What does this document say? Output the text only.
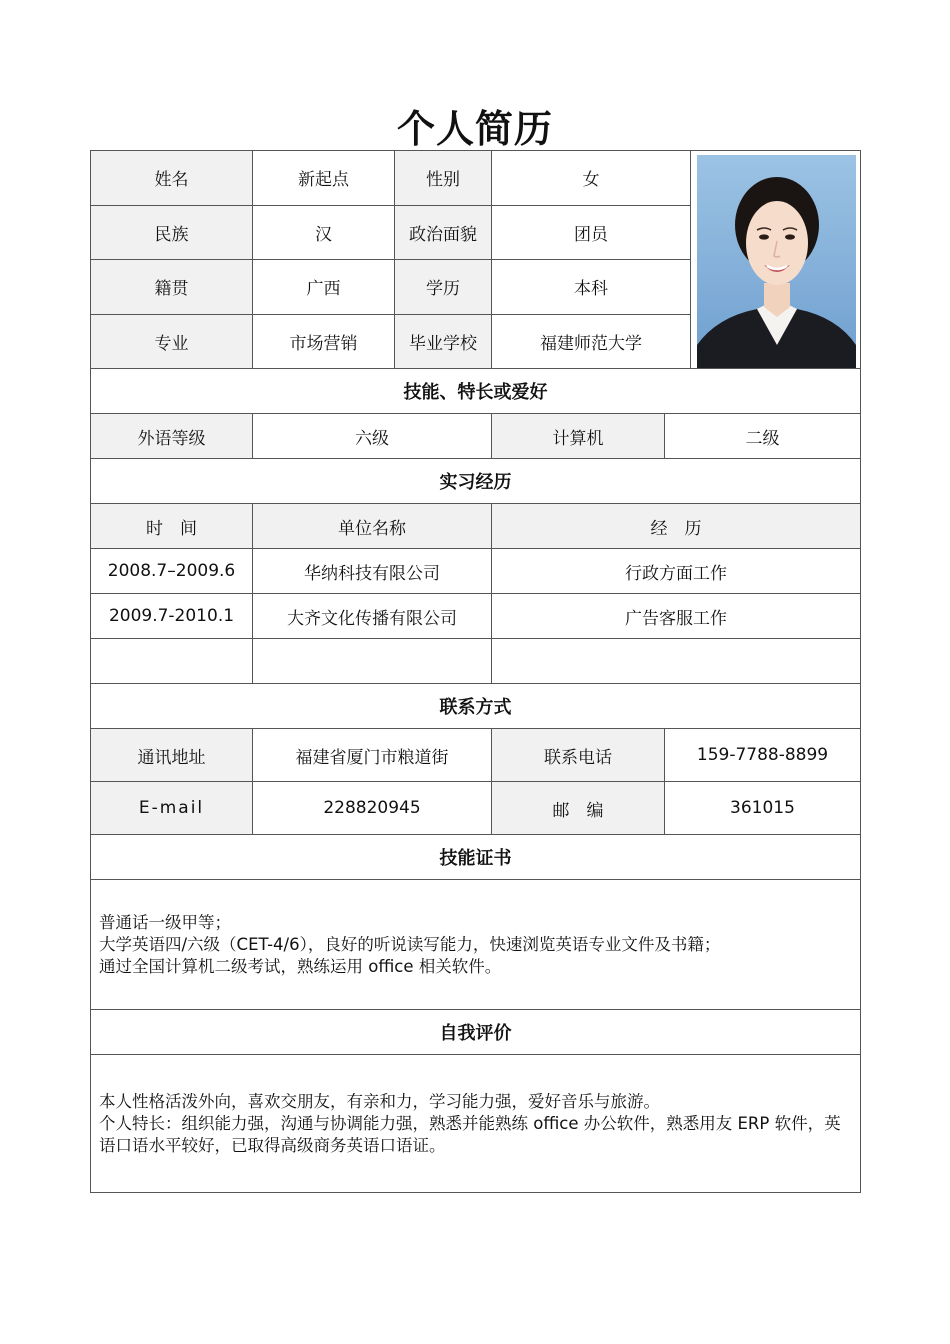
个人简历
姓名	新起点	性别	女	

民族	汉	政治面貌	团员		
籍贯	广西	学历	本科		
专业	市场营销	毕业学校	福建师范大学		
技能、特长或爱好					
外语等级	六级		计算机	二级	
实习经历					
时　间	单位名称		经　历		
2008.7–2009.6	华纳科技有限公司		行政方面工作		
2009.7-2010.1	大齐文化传播有限公司		广告客服工作		

联系方式					
通讯地址	福建省厦门市粮道街		联系电话	159-7788-8899	
E-mail	228820945		邮　编	361015	
技能证书					

普通话一级甲等；
大学英语四/六级（CET-4/6），良好的听说读写能力，快速浏览英语专业文件及书籍；
通过全国计算机二级考试，熟练运用 office 相关软件。					

自我评价					

本人性格活泼外向，喜欢交朋友，有亲和力，学习能力强，爱好音乐与旅游。
个人特长：组织能力强，沟通与协调能力强，熟悉并能熟练 office 办公软件，熟悉用友 ERP 软件，英语口语水平较好，已取得高级商务英语口语证。					
